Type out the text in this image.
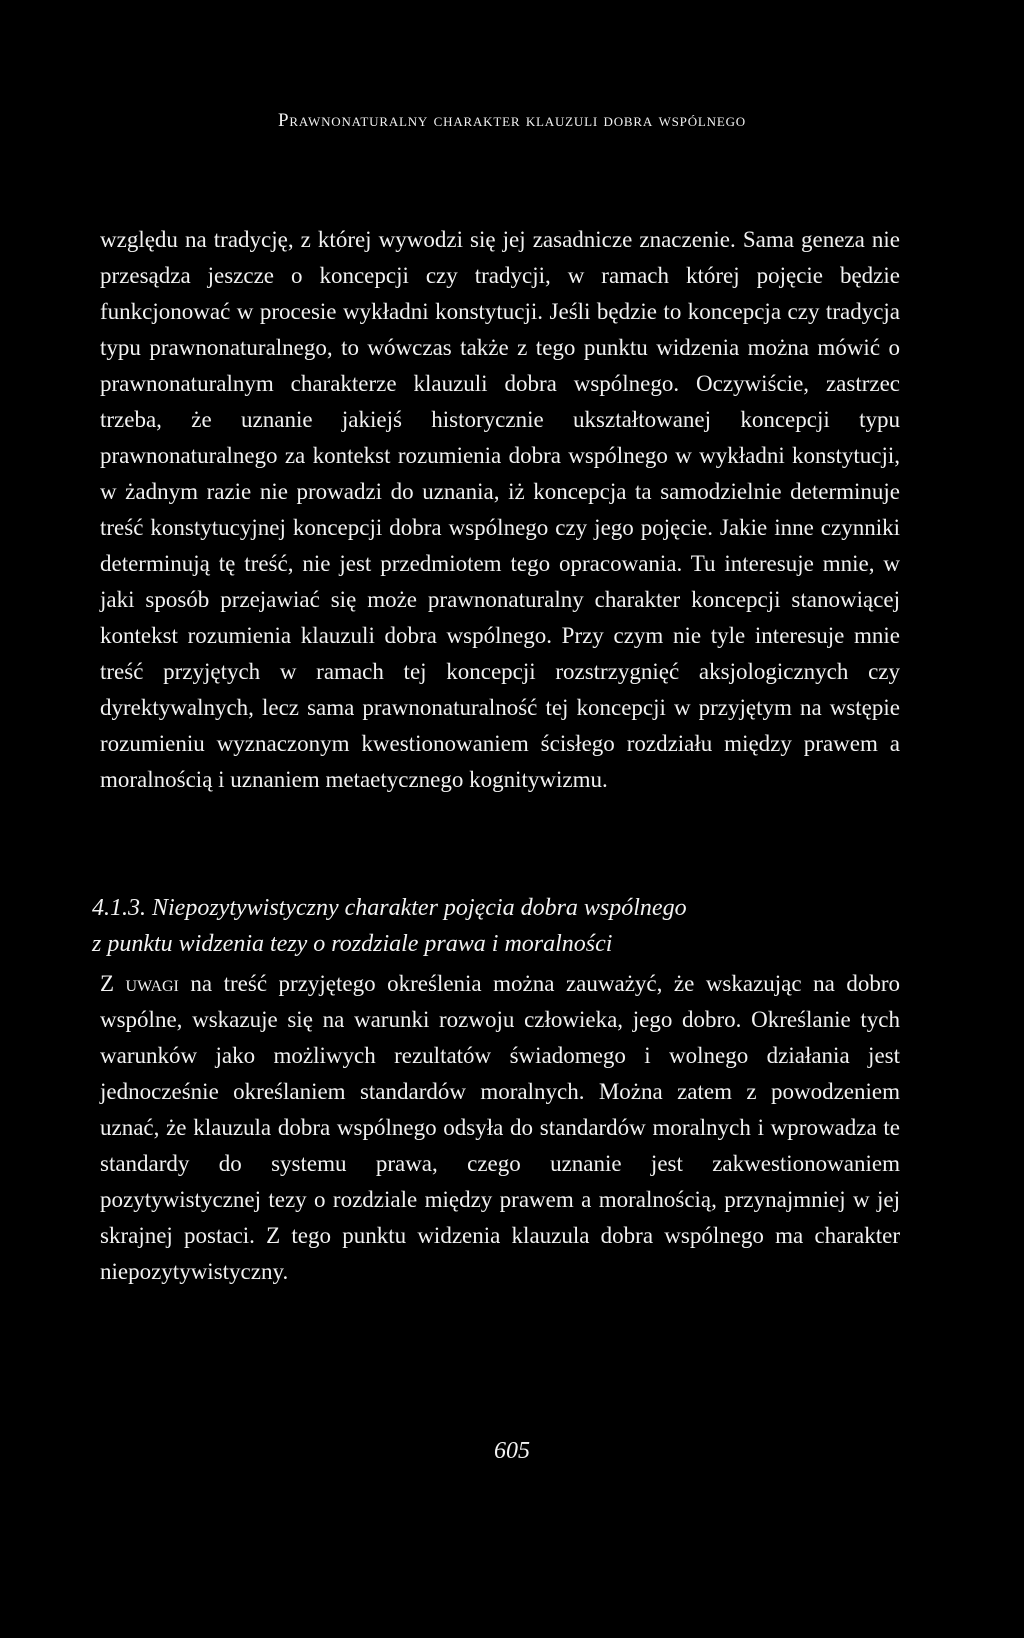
Prawnonaturalny charakter klauzuli dobra wspólnego

względu na tradycję, z której wywodzi się jej zasadnicze znaczenie. Sama geneza nie przesądza jeszcze o koncepcji czy tradycji, w ramach której pojęcie będzie funkcjonować w procesie wykładni konstytucji. Jeśli będzie to koncepcja czy tradycja typu prawnonaturalnego, to wówczas także z tego punktu widzenia można mówić o prawnonaturalnym charakterze klauzuli dobra wspólnego. Oczywiście, zastrzec trzeba, że uznanie jakiejś historycznie ukształtowanej koncepcji typu prawnonaturalnego za kontekst rozumienia dobra wspólnego w wykładni konstytucji, w żadnym razie nie prowadzi do uznania, iż koncepcja ta samodzielnie determinuje treść konstytucyjnej koncepcji dobra wspólnego czy jego pojęcie. Jakie inne czynniki determinują tę treść, nie jest przedmiotem tego opracowania. Tu interesuje mnie, w jaki sposób przejawiać się może prawnonaturalny charakter koncepcji stanowiącej kontekst rozumienia klauzuli dobra wspólnego. Przy czym nie tyle interesuje mnie treść przyjętych w ramach tej koncepcji rozstrzygnięć aksjologicznych czy dyrektywalnych, lecz sama prawnonaturalność tej koncepcji w przyjętym na wstępie rozumieniu wyznaczonym kwestionowaniem ścisłego rozdziału między prawem a moralnością i uznaniem metaetycznego kognitywizmu.

4.1.3. Niepozytywistyczny charakter pojęcia dobra wspólnego
z punktu widzenia tezy o rozdziale prawa i moralności

Z uwagi na treść przyjętego określenia można zauważyć, że wskazując na dobro wspólne, wskazuje się na warunki rozwoju człowieka, jego dobro. Określanie tych warunków jako możliwych rezultatów świadomego i wolnego działania jest jednocześnie określaniem standardów moralnych. Można zatem z powodzeniem uznać, że klauzula dobra wspólnego odsyła do standardów moralnych i wprowadza te standardy do systemu prawa, czego uznanie jest zakwestionowaniem pozytywistycznej tezy o rozdziale między prawem a moralnością, przynajmniej w jej skrajnej postaci. Z tego punktu widzenia klauzula dobra wspólnego ma charakter niepozytywistyczny.

605
